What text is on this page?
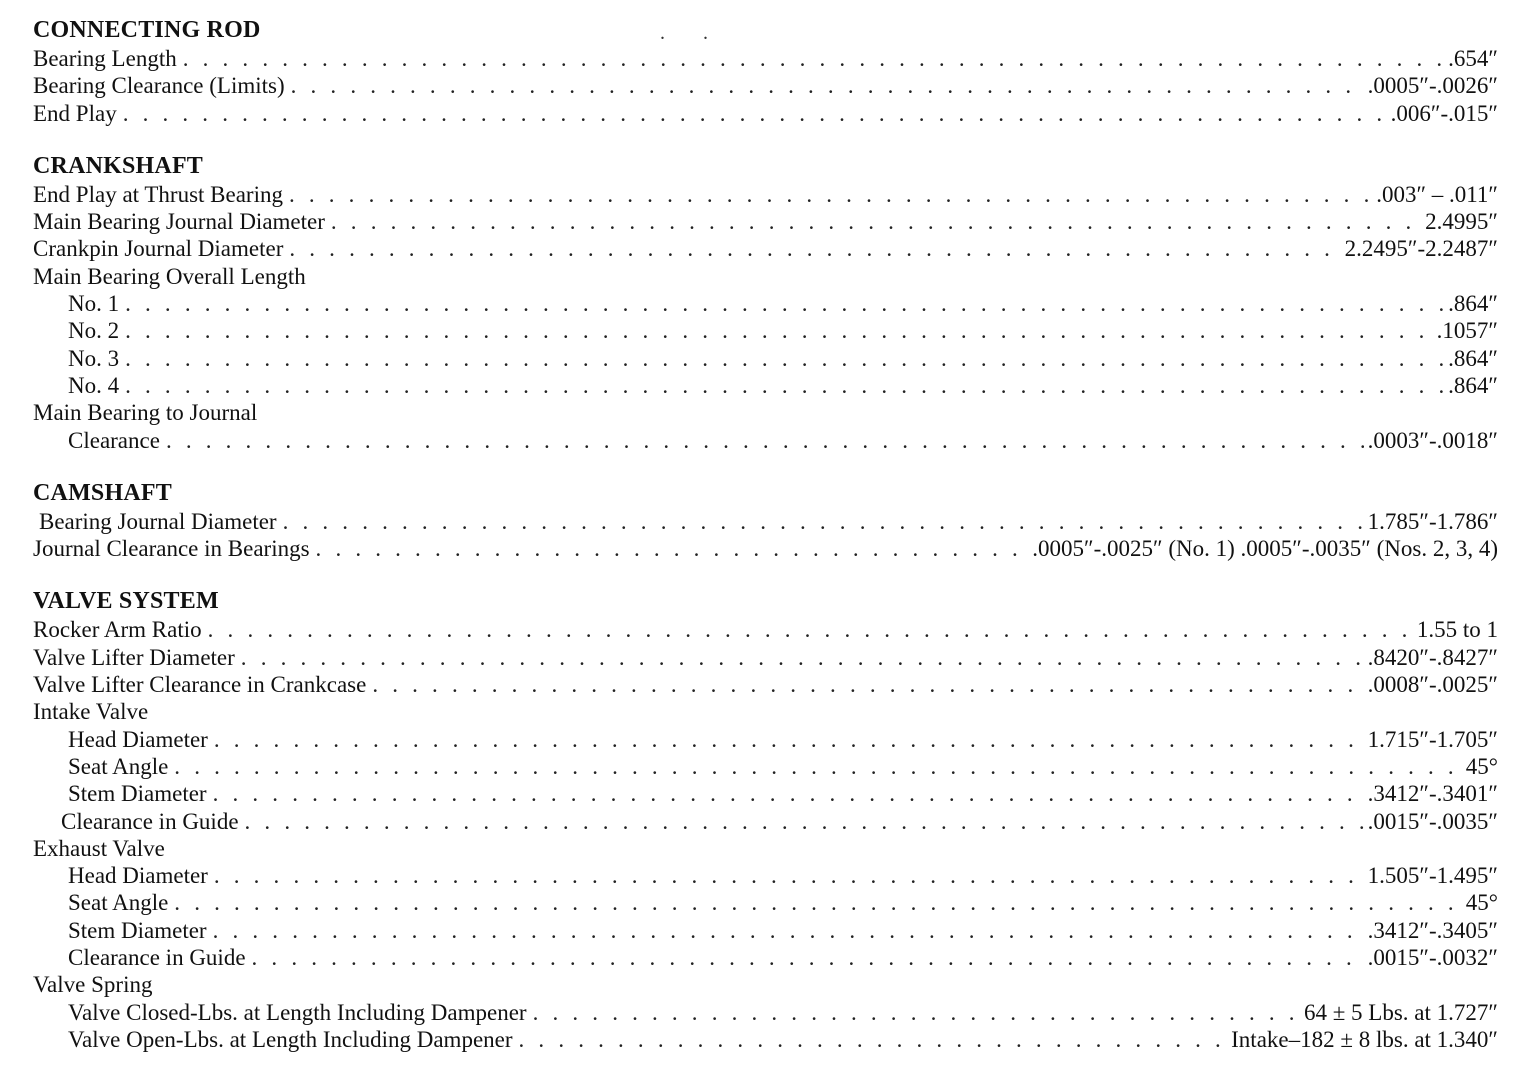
..
CONNECTING ROD
Bearing Length . . .	.654″
Bearing Clearance (Limits) . . .	.0005″-.0026″
End Play . . .	.006″-.015″
CRANKSHAFT
End Play at Thrust Bearing . . .	.003″ – .011″
Main Bearing Journal Diameter . . .	2.4995″
Crankpin Journal Diameter . . .	2.2495″-2.2487″
Main Bearing Overall Length
No. 1 . . .	.864″
No. 2 . . .	.1057″
No. 3 . . .	.864″
No. 4 . . .	.864″
Main Bearing to Journal
Clearance . . .	.0003″-.0018″
CAMSHAFT
Bearing Journal Diameter . . .	1.785″-1.786″
Journal Clearance in Bearings . . .	.0005″-.0025″ (No. 1) .0005″-.0035″ (Nos. 2, 3, 4)
VALVE SYSTEM
Rocker Arm Ratio . . .	1.55 to 1
Valve Lifter Diameter . . .	.8420″-.8427″
Valve Lifter Clearance in Crankcase . . .	.0008″-.0025″
Intake Valve
Head Diameter . . .	1.715″-1.705″
Seat Angle . . .	45°
Stem Diameter . . .	.3412″-.3401″
Clearance in Guide . . .	.0015″-.0035″
Exhaust Valve
Head Diameter . . .	1.505″-1.495″
Seat Angle . . .	45°
Stem Diameter . . .	.3412″-.3405″
Clearance in Guide . . .	.0015″-.0032″
Valve Spring
Valve Closed-Lbs. at Length Including Dampener . . .	64 ± 5 Lbs. at 1.727″
Valve Open-Lbs. at Length Including Dampener . . .	Intake–182 ± 8 lbs. at 1.340″
